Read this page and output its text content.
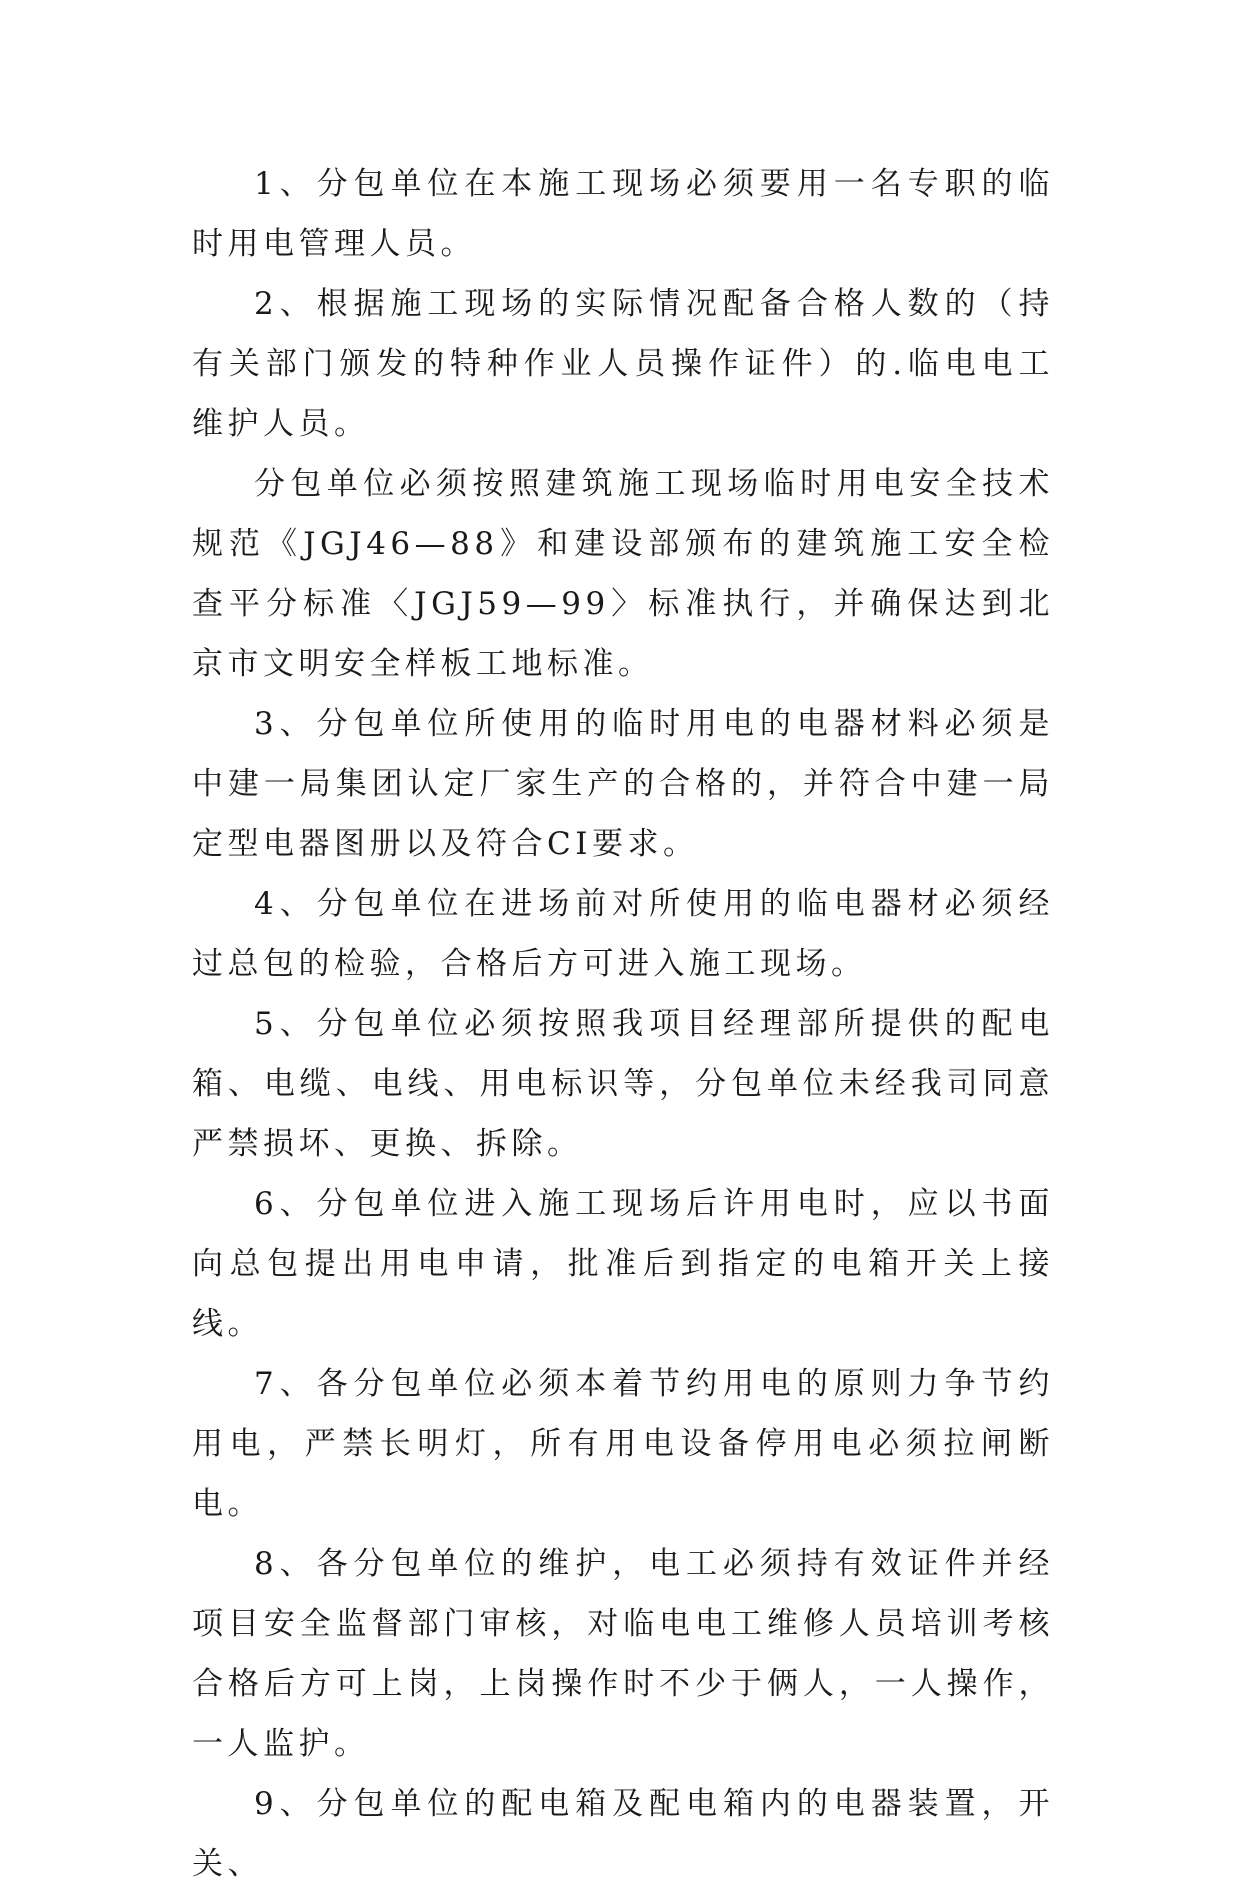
1、分包单位在本施工现场必须要用一名专职的临时用电管理人员。

2、根据施工现场的实际情况配备合格人数的（持有关部门颁发的特种作业人员操作证件）的.临电电工维护人员。

分包单位必须按照建筑施工现场临时用电安全技术规范《JGJ46—88》和建设部颁布的建筑施工安全检查平分标准〈JGJ59—99〉标准执行，并确保达到北京市文明安全样板工地标准。

3、分包单位所使用的临时用电的电器材料必须是中建一局集团认定厂家生产的合格的，并符合中建一局定型电器图册以及符合CI要求。

4、分包单位在进场前对所使用的临电器材必须经过总包的检验，合格后方可进入施工现场。

5、分包单位必须按照我项目经理部所提供的配电箱、电缆、电线、用电标识等，分包单位未经我司同意严禁损坏、更换、拆除。

6、分包单位进入施工现场后许用电时，应以书面向总包提出用电申请，批准后到指定的电箱开关上接线。

7、各分包单位必须本着节约用电的原则力争节约用电，严禁长明灯，所有用电设备停用电必须拉闸断电。

8、各分包单位的维护，电工必须持有效证件并经项目安全监督部门审核，对临电电工维修人员培训考核合格后方可上岗，上岗操作时不少于俩人，一人操作，一人监护。

9、分包单位的配电箱及配电箱内的电器装置，开关、
